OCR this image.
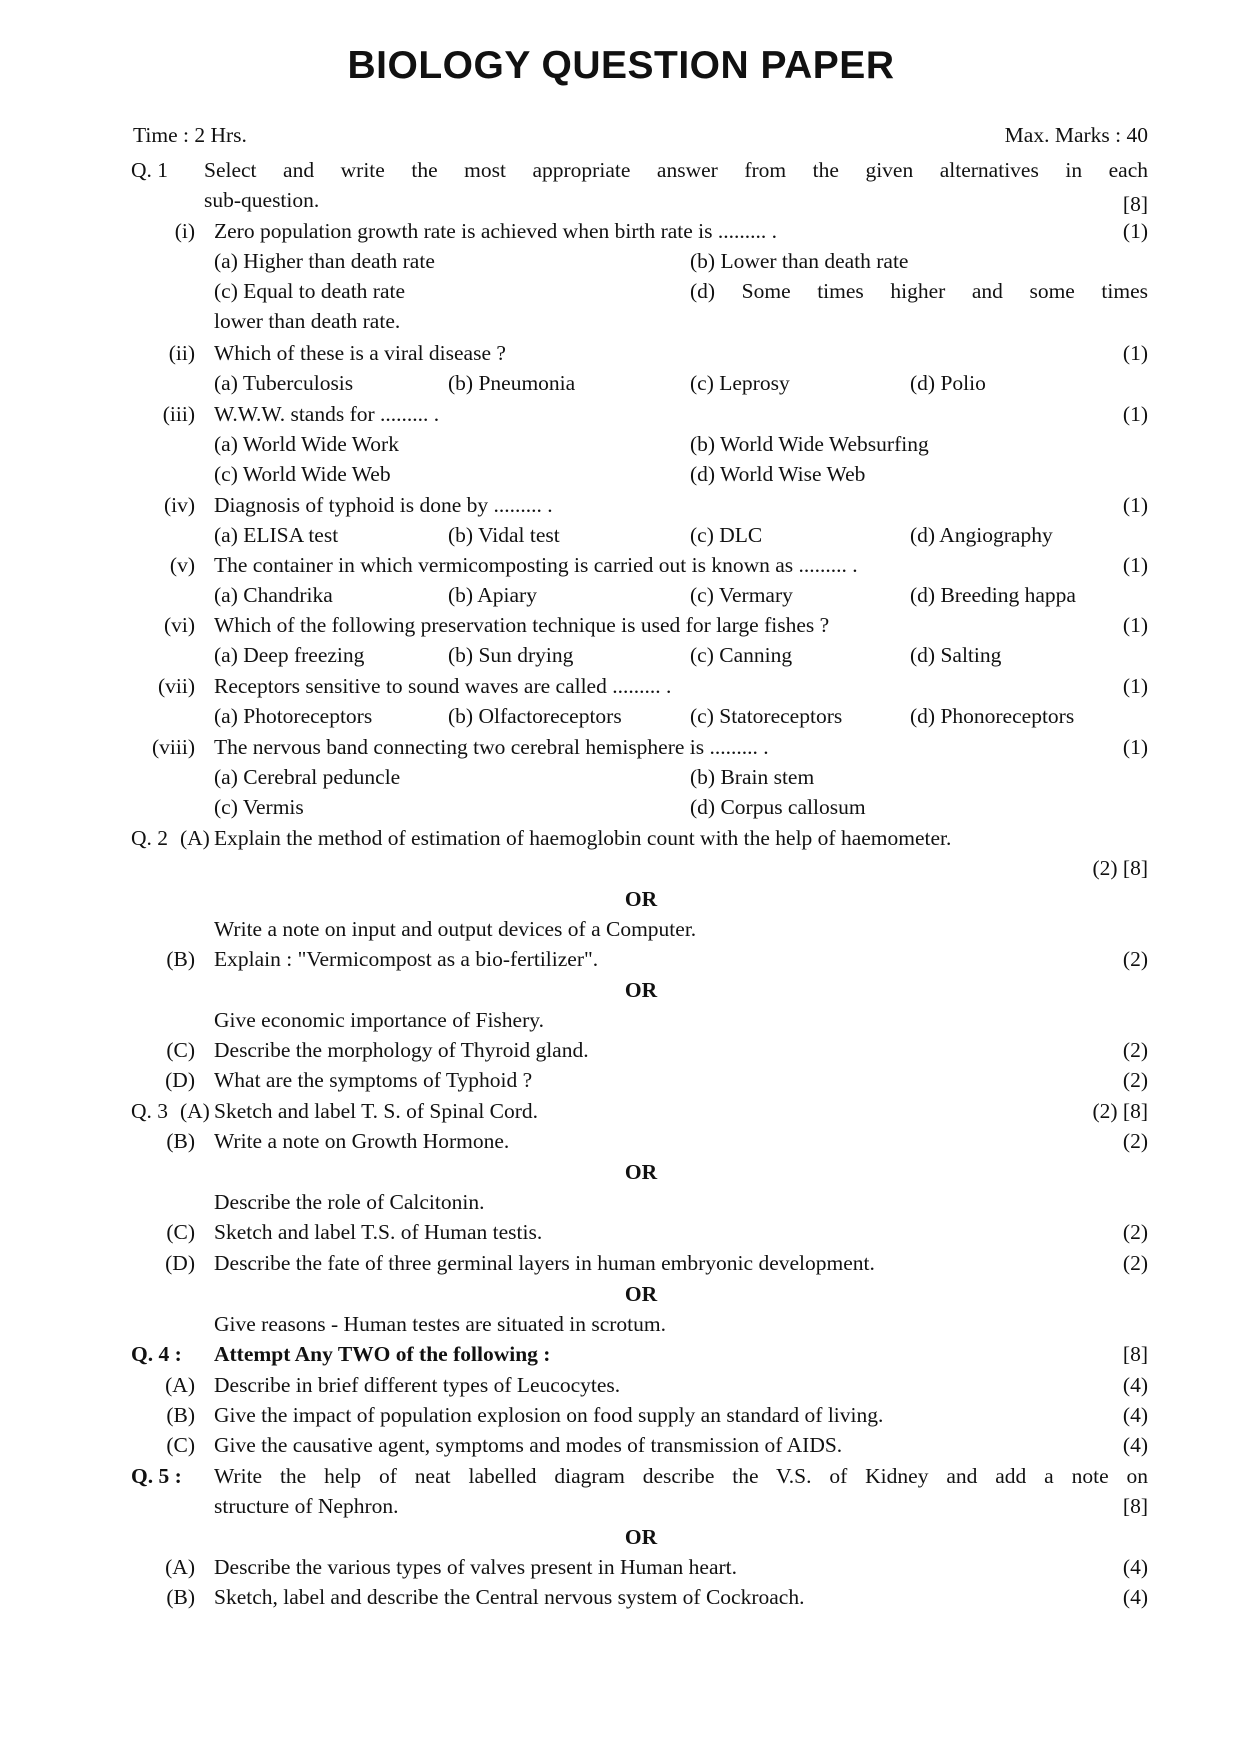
BIOLOGY QUESTION PAPER
Time : 2 Hrs.	Max. Marks : 40
Q. 1 Select and write the most appropriate answer from the given alternatives in each
sub-question.	[8]
(i) Zero population growth rate is achieved when birth rate is ......... .	(1)
(a) Higher than death rate	(b) Lower than death rate
(c) Equal to death rate	(d) Some times higher and some times
lower than death rate.
(ii) Which of these is a viral disease ?	(1)
(a) Tuberculosis	(b) Pneumonia	(c) Leprosy	(d) Polio
(iii) W.W.W. stands for ......... .	(1)
(a) World Wide Work	(b) World Wide Websurfing
(c) World Wide Web	(d) World Wise Web
(iv) Diagnosis of typhoid is done by ......... .	(1)
(a) ELISA test	(b) Vidal test	(c) DLC	(d) Angiography
(v) The container in which vermicomposting is carried out is known as ......... .	(1)
(a) Chandrika	(b) Apiary	(c) Vermary	(d) Breeding happa
(vi) Which of the following preservation technique is used for large fishes ?	(1)
(a) Deep freezing	(b) Sun drying	(c) Canning	(d) Salting
(vii) Receptors sensitive to sound waves are called ......... .	(1)
(a) Photoreceptors	(b) Olfactoreceptors	(c) Statoreceptors	(d) Phonoreceptors
(viii) The nervous band connecting two cerebral hemisphere is ......... .	(1)
(a) Cerebral peduncle	(b) Brain stem
(c) Vermis	(d) Corpus callosum
Q. 2 (A) Explain the method of estimation of haemoglobin count with the help of haemometer.
(2) [8]
OR
Write a note on input and output devices of a Computer.
(B) Explain : "Vermicompost as a bio-fertilizer".	(2)
OR
Give economic importance of Fishery.
(C) Describe the morphology of Thyroid gland.	(2)
(D) What are the symptoms of Typhoid ?	(2)
Q. 3 (A) Sketch and label T. S. of Spinal Cord.	(2) [8]
(B) Write a note on Growth Hormone.	(2)
OR
Describe the role of Calcitonin.
(C) Sketch and label T.S. of Human testis.	(2)
(D) Describe the fate of three germinal layers in human embryonic development.	(2)
OR
Give reasons - Human testes are situated in scrotum.
Q. 4 : Attempt Any TWO of the following :	[8]
(A) Describe in brief different types of Leucocytes.	(4)
(B) Give the impact of population explosion on food supply an standard of living.	(4)
(C) Give the causative agent, symptoms and modes of transmission of AIDS.	(4)
Q. 5 : Write the help of neat labelled diagram describe the V.S. of Kidney and add a note on
structure of Nephron.	[8]
OR
(A) Describe the various types of valves present in Human heart.	(4)
(B) Sketch, label and describe the Central nervous system of Cockroach.	(4)
